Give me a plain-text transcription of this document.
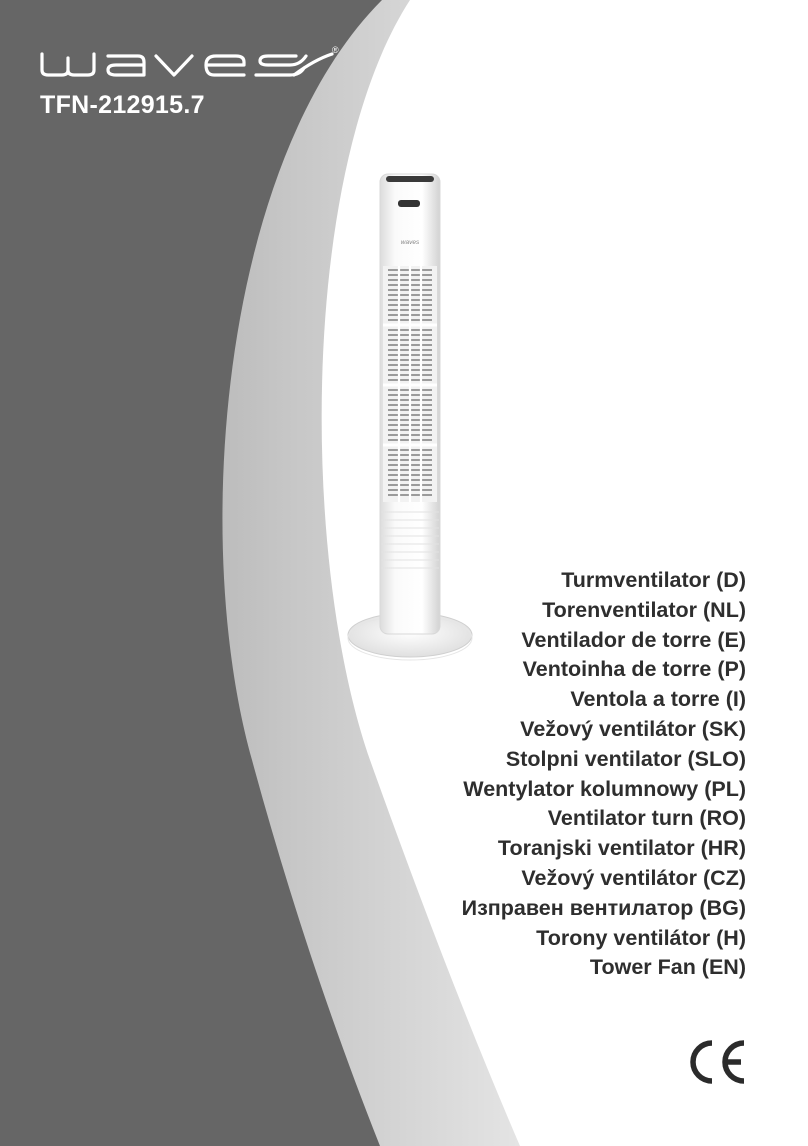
®
TFN-212915.7
waves
Turmventilator (D)
Torenventilator (NL)
Ventilador de torre (E)
Ventoinha de torre (P)
Ventola a torre (I)
Vežový ventilátor (SK)
Stolpni ventilator (SLO)
Wentylator kolumnowy (PL)
Ventilator turn (RO)
Toranjski ventilator (HR)
Vežový ventilátor (CZ)
Изправен вентилатор (BG)
Torony ventilátor (H)
Tower Fan (EN)
